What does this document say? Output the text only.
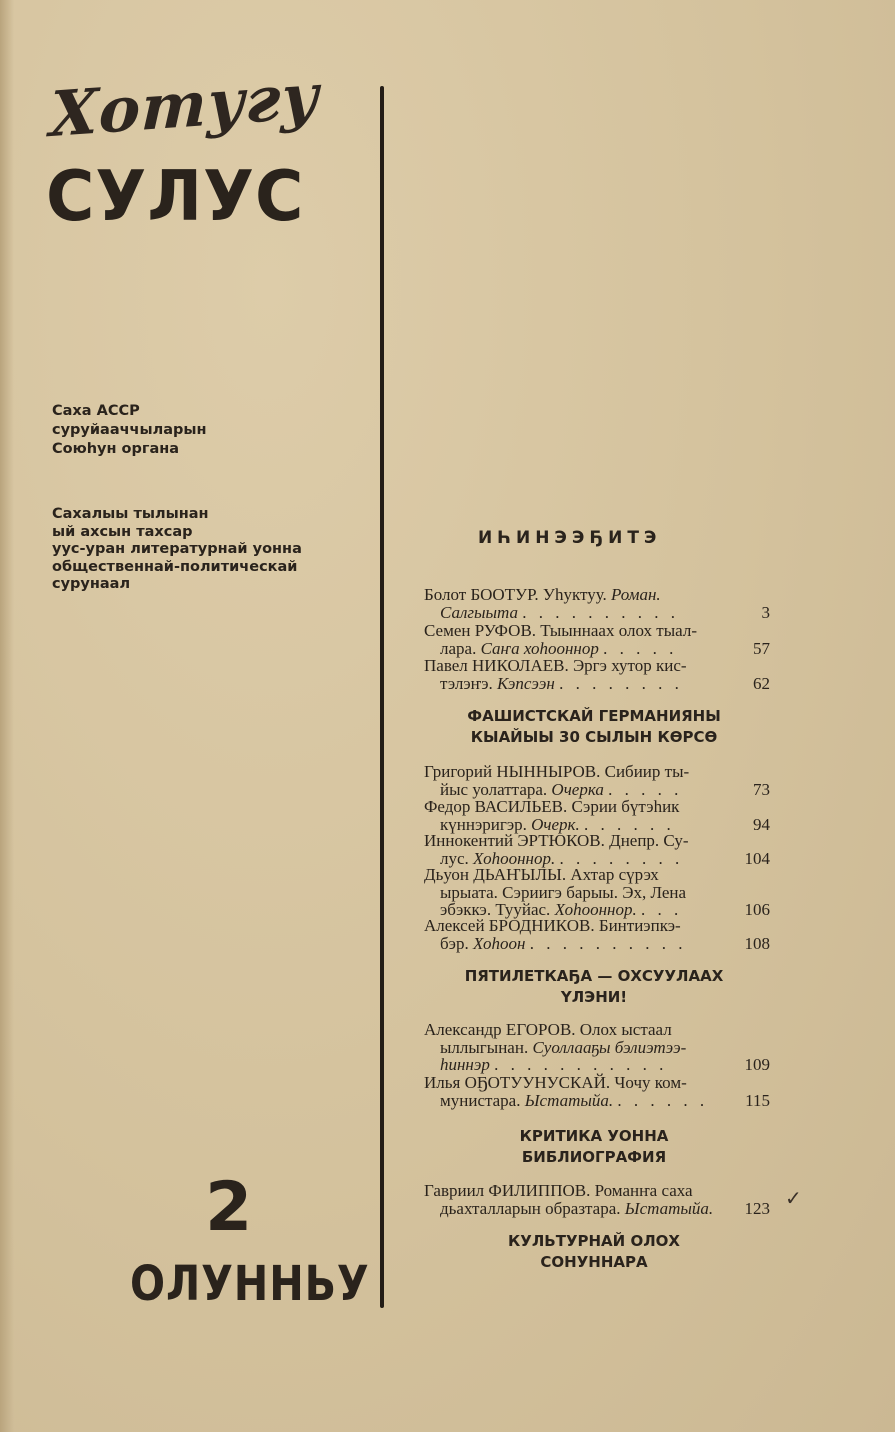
Хотугу
СУЛУС
Саха АССР
суруйааччыларын
Союһун органа
Сахалыы тылынан
ый ахсын тахсар
уус-уран литературнай уонна
общественнай-политическай
сурунаал
2
ОЛУННЬУ
ИҺИНЭЭҔИТЭ
Болот БООТУР. Уһуктуу. Роман.
Салгыыта . . . . . . . . . .	3
Семен РУФОВ. Тыыннаах олох тыал-
лара. Саҥа хоһооннор . . . . .	57
Павел НИКОЛАЕВ. Эргэ хутор кис-
тэлэҥэ. Кэпсээн . . . . . . . .	62
ФАШИСТСКАЙ ГЕРМАНИЯНЫ
КЫАЙЫЫ 30 СЫЛЫН КӨРСӨ
Григорий НЫННЫРОВ. Сибиир ты-
йыс уолаттара. Очерка . . . . .	73
Федор ВАСИЛЬЕВ. Сэрии бүтэһик
күннэригэр. Очерк. . . . . . .	94
Иннокентий ЭРТЮКОВ. Днепр. Су-
лус. Хоһооннор. . . . . . . . .	104
Дьуон ДЬАҤЫЛЫ. Ахтар сүрэх
ырыата. Сэриигэ барыы. Эх, Лена
эбэккэ. Тууйас. Хоһооннор. . . .	106
Алексей БРОДНИКОВ. Бинтиэпкэ-
бэр. Хоһоон . . . . . . . . . .	108
ПЯТИЛЕТКАҔА — ОХСУУЛААХ
ҮЛЭНИ!
Александр ЕГОРОВ. Олох ыстаал
ыллыгынан. Суоллааҕы бэлиэтээ-
һиннэр . . . . . . . . . . .	109
Илья ОҔОТУУНУСКАЙ. Чочу ком-
мунистара. Ыстатыйа. . . . . . .	115
КРИТИКА УОННА
БИБЛИОГРАФИЯ
Гавриил ФИЛИППОВ. Романҥа саха
дьахталларын образтара. Ыстатыйа.	123 ✓
КУЛЬТУРНАЙ ОЛОХ
СОНУННАРА
